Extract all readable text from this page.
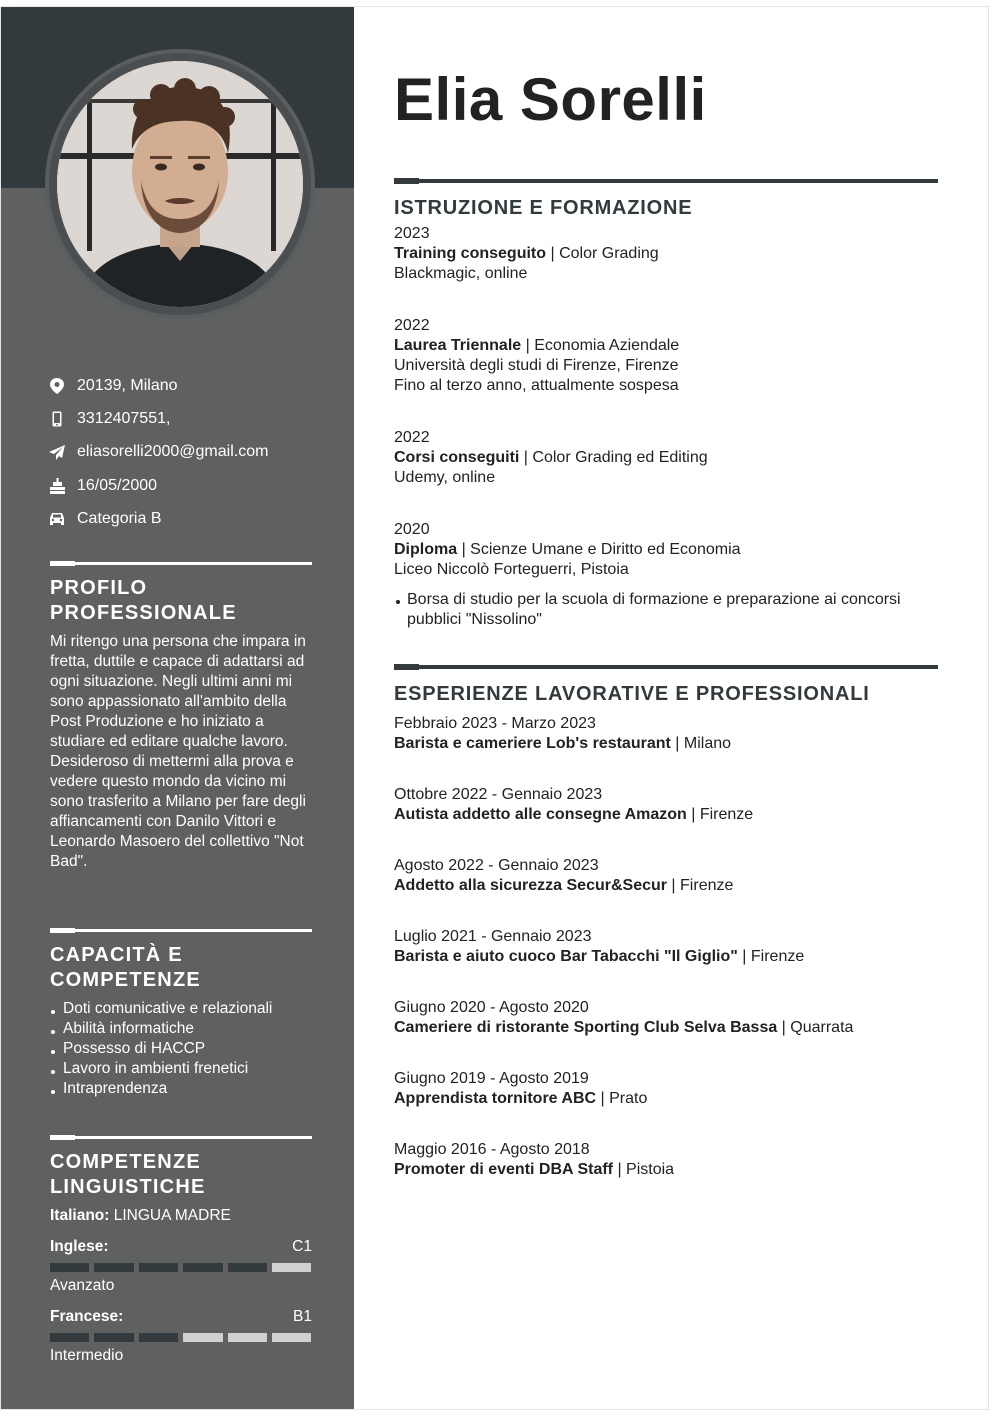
20139, Milano
3312407551,
eliasorelli2000@gmail.com
16/05/2000
Categoria B
PROFILO PROFESSIONALE

Mi ritengo una persona che impara in fretta, duttile e capace di adattarsi ad ogni situazione. Negli ultimi anni mi sono appassionato all'ambito della Post Produzione e ho iniziato a studiare ed editare qualche lavoro. Desideroso di mettermi alla prova e vedere questo mondo da vicino mi sono trasferito a Milano per fare degli affiancamenti con Danilo Vittori e Leonardo Masoero del collettivo "Not Bad".

CAPACITÀ E COMPETENZE
Doti comunicative e relazionali
Abilità informatiche
Possesso di HACCP
Lavoro in ambienti frenetici
Intraprendenza
COMPETENZE LINGUISTICHE
Italiano:
LINGUA MADRE
Inglese:	C1
Avanzato
Francese:	B1
Intermedio
Elia Sorelli
ISTRUZIONE E FORMAZIONE
2023
Training conseguito | Color Grading
Blackmagic, online
2022
Laurea Triennale | Economia Aziendale
Università degli studi di Firenze, Firenze
Fino al terzo anno, attualmente sospesa
2022
Corsi conseguiti | Color Grading ed Editing
Udemy, online
2020
Diploma | Scienze Umane e Diritto ed Economia
Liceo Niccolò Forteguerri, Pistoia
Borsa di studio per la scuola di formazione e preparazione ai concorsi pubblici "Nissolino"
ESPERIENZE LAVORATIVE E PROFESSIONALI
Febbraio 2023 - Marzo 2023
Barista e cameriere Lob's restaurant | Milano
Ottobre 2022 - Gennaio 2023
Autista addetto alle consegne Amazon | Firenze
Agosto 2022 - Gennaio 2023
Addetto alla sicurezza Secur&Secur | Firenze
Luglio 2021 - Gennaio 2023
Barista e aiuto cuoco Bar Tabacchi "Il Giglio" | Firenze
Giugno 2020 - Agosto 2020
Cameriere di ristorante Sporting Club Selva Bassa | Quarrata
Giugno 2019 - Agosto 2019
Apprendista tornitore ABC | Prato
Maggio 2016 - Agosto 2018
Promoter di eventi DBA Staff | Pistoia
